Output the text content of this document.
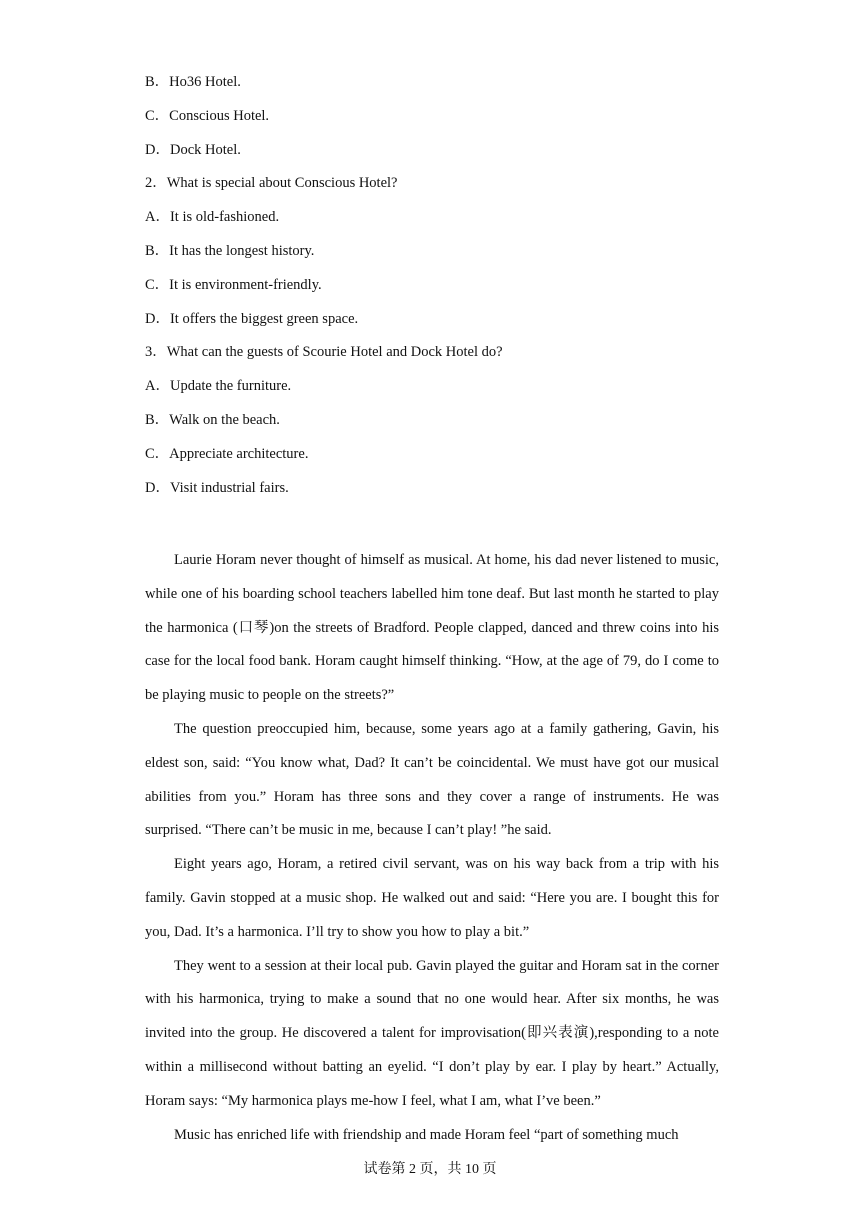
B．Ho36 Hotel.
C．Conscious Hotel.
D．Dock Hotel.
2．What is special about Conscious Hotel?
A．It is old-fashioned.
B．It has the longest history.
C．It is environment-friendly.
D．It offers the biggest green space.
3．What can the guests of Scourie Hotel and Dock Hotel do?
A．Update the furniture.
B．Walk on the beach.
C．Appreciate architecture.
D．Visit industrial fairs.

Laurie Horam never thought of himself as musical. At home, his dad never listened to music, while one of his boarding school teachers labelled him tone deaf. But last month he started to play the harmonica (口琴)on the streets of Bradford. People clapped, danced and threw coins into his case for the local food bank. Horam caught himself thinking. “How, at the age of 79, do I come to be playing music to people on the streets?”

The question preoccupied him, because, some years ago at a family gathering, Gavin, his eldest son, said: “You know what, Dad? It can’t be coincidental. We must have got our musical abilities from you.” Horam has three sons and they cover a range of instruments. He was surprised. “There can’t be music in me, because I can’t play! ”he said.

Eight years ago, Horam, a retired civil servant, was on his way back from a trip with his family. Gavin stopped at a music shop. He walked out and said: “Here you are. I bought this for you, Dad. It’s a harmonica. I’ll try to show you how to play a bit.”

They went to a session at their local pub. Gavin played the guitar and Horam sat in the corner with his harmonica, trying to make a sound that no one would hear. After six months, he was invited into the group. He discovered a talent for improvisation(即兴表演),responding to a note within a millisecond without batting an eyelid. “I don’t play by ear. I play by heart.” Actually, Horam says: “My harmonica plays me-how I feel, what I am, what I’ve been.”

Music has enriched life with friendship and made Horam feel “part of something much

试卷第 2 页，共 10 页
